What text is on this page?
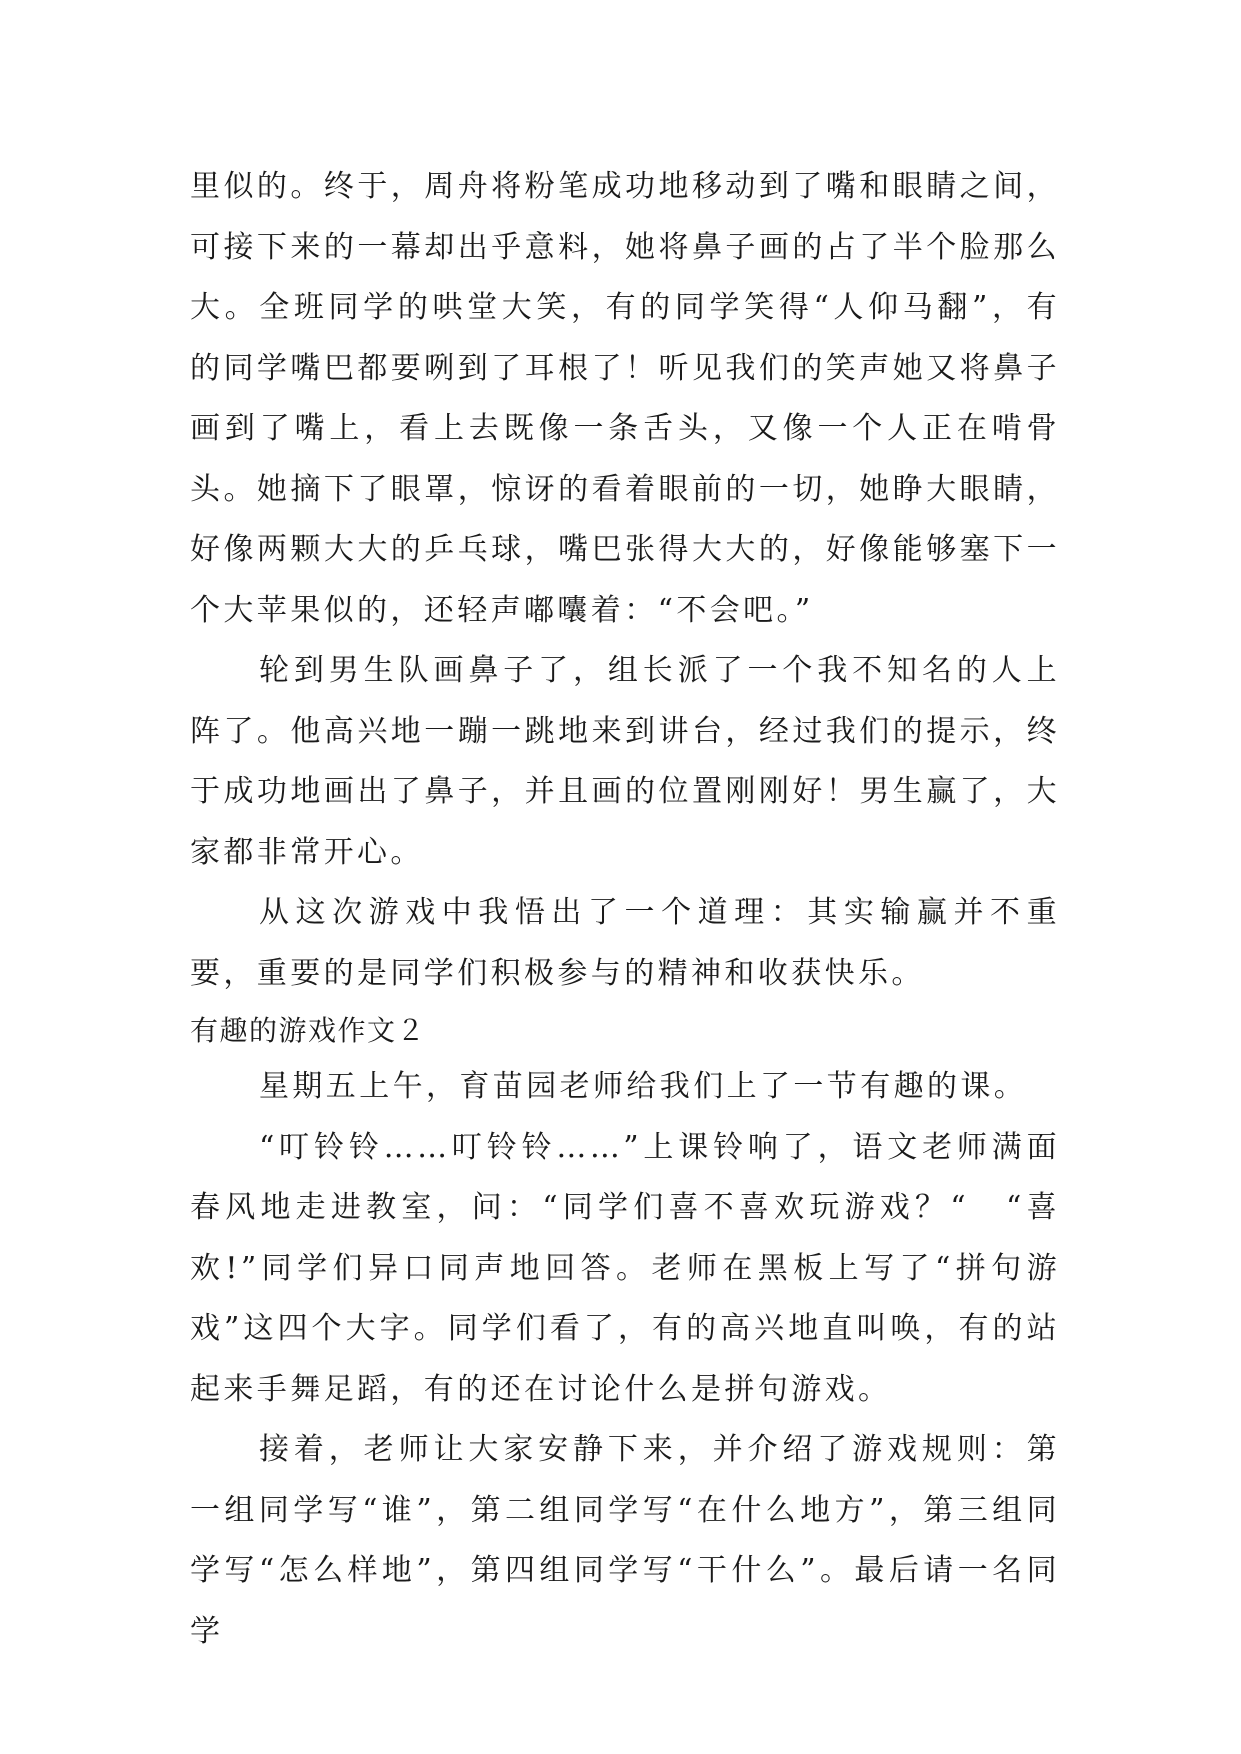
里似的。终于，周舟将粉笔成功地移动到了嘴和眼睛之间，可接下来的一幕却出乎意料，她将鼻子画的占了半个脸那么大。全班同学的哄堂大笑，有的同学笑得“人仰马翻”，有的同学嘴巴都要咧到了耳根了！听见我们的笑声她又将鼻子画到了嘴上，看上去既像一条舌头，又像一个人正在啃骨头。她摘下了眼罩，惊讶的看着眼前的一切，她睁大眼睛，好像两颗大大的乒乓球，嘴巴张得大大的，好像能够塞下一个大苹果似的，还轻声嘟囔着：“不会吧。”

轮到男生队画鼻子了，组长派了一个我不知名的人上阵了。他高兴地一蹦一跳地来到讲台，经过我们的提示，终于成功地画出了鼻子，并且画的位置刚刚好！男生赢了，大家都非常开心。

从这次游戏中我悟出了一个道理：其实输赢并不重要，重要的是同学们积极参与的精神和收获快乐。

有趣的游戏作文２

星期五上午，育苗园老师给我们上了一节有趣的课。

“叮铃铃……叮铃铃……”上课铃响了，语文老师满面春风地走进教室，问：“同学们喜不喜欢玩游戏？“　“喜欢!”同学们异口同声地回答。老师在黑板上写了“拼句游戏”这四个大字。同学们看了，有的高兴地直叫唤，有的站起来手舞足蹈，有的还在讨论什么是拼句游戏。

接着，老师让大家安静下来，并介绍了游戏规则：第一组同学写“谁”，第二组同学写“在什么地方”，第三组同学写“怎么样地”，第四组同学写“干什么”。最后请一名同学
